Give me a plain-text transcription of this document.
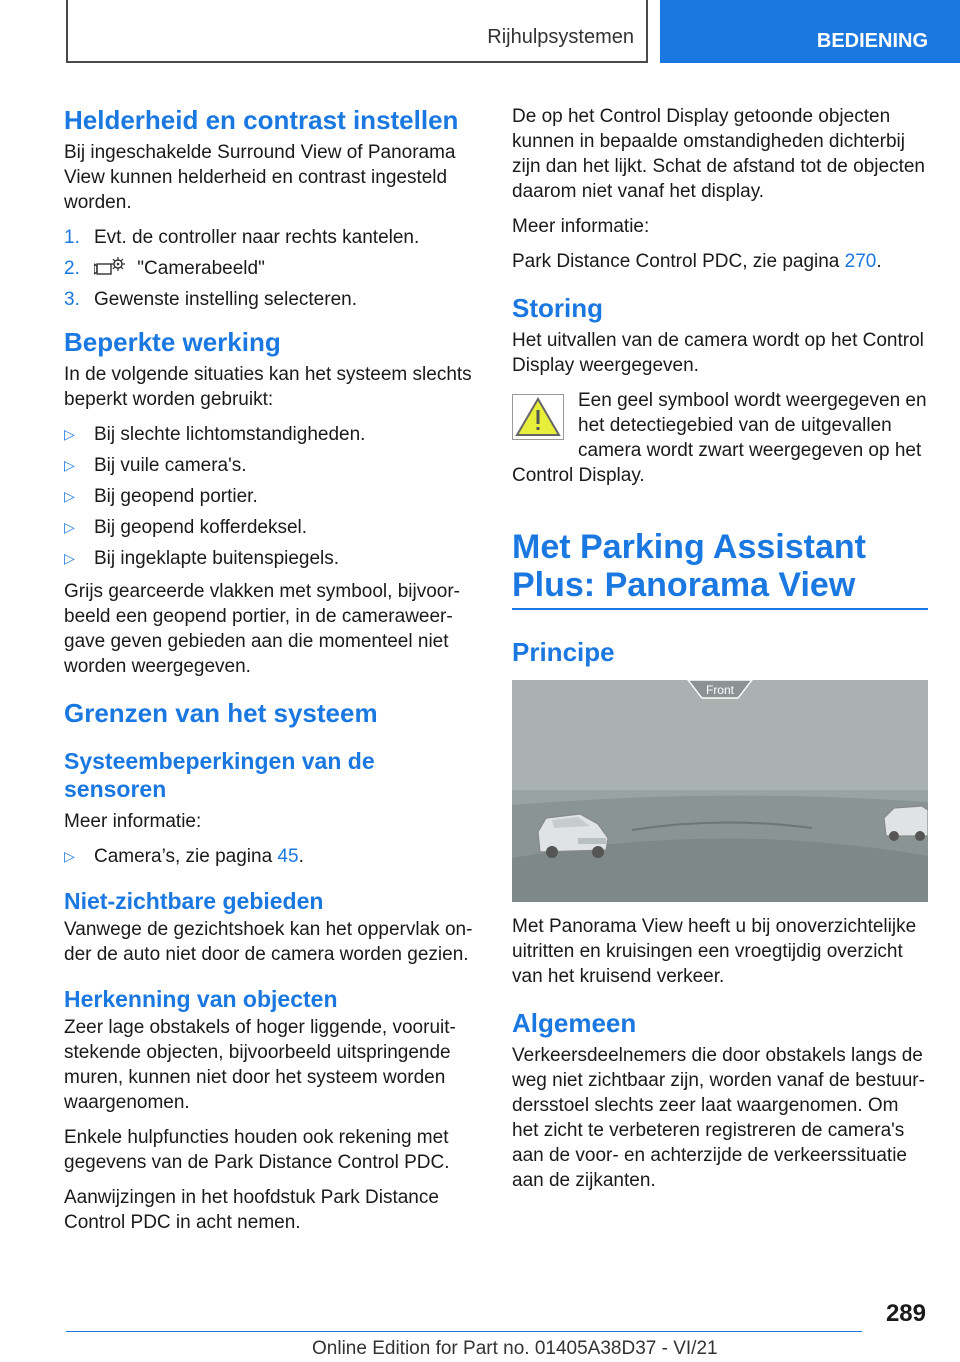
Rijhulpsystemen	BEDIENING
Helderheid en contrast instellen

Bij ingeschakelde Surround View of Panorama View kunnen helderheid en contrast ingesteld worden.

1. Evt. de controller naar rechts kantelen.
2.	"Camerabeeld"
3. Gewenste instelling selecteren.
Beperkte werking

In de volgende situaties kan het systeem slechts beperkt worden gebruikt:

▷ Bij slechte lichtomstandigheden.
▷ Bij vuile camera's.
▷ Bij geopend portier.
▷ Bij geopend kofferdeksel.
▷ Bij ingeklapte buitenspiegels.

Grijs gearceerde vlakken met symbool, bijvoor-beeld een geopend portier, in de cameraweer-gave geven gebieden aan die momenteel niet worden weergegeven.

Grenzen van het systeem
Systeembeperkingen van de sensoren

Meer informatie:

▷ Camera’s, zie pagina 45.
Niet-zichtbare gebieden

Vanwege de gezichtshoek kan het oppervlak on-der de auto niet door de camera worden gezien.

Herkenning van objecten

Zeer lage obstakels of hoger liggende, vooruit-stekende objecten, bijvoorbeeld uitspringende muren, kunnen niet door het systeem worden waargenomen.

Enkele hulpfuncties houden ook rekening met gegevens van de Park Distance Control PDC.

Aanwijzingen in het hoofdstuk Park Distance Control PDC in acht nemen.

De op het Control Display getoonde objecten kunnen in bepaalde omstandigheden dichterbij zijn dan het lijkt. Schat de afstand tot de objecten daarom niet vanaf het display.

Meer informatie:

Park Distance Control PDC, zie pagina 270.

Storing

Het uitvallen van de camera wordt op het Control Display weergegeven.

Een geel symbool wordt weergegeven en het detectiegebied van de uitgevallen camera wordt zwart weergegeven op het Control Display.

Met Parking Assistant Plus: Panorama View
Principe
Front

Met Panorama View heeft u bij onoverzichtelijke uitritten en kruisingen een vroegtijdig overzicht van het kruisend verkeer.

Algemeen

Verkeersdeelnemers die door obstakels langs de weg niet zichtbaar zijn, worden vanaf de bestuur-dersstoel slechts zeer laat waargenomen. Om het zicht te verbeteren registreren de camera's aan de voor- en achterzijde de verkeerssituatie aan de zijkanten.

289
Online Edition for Part no. 01405A38D37 - VI/21
